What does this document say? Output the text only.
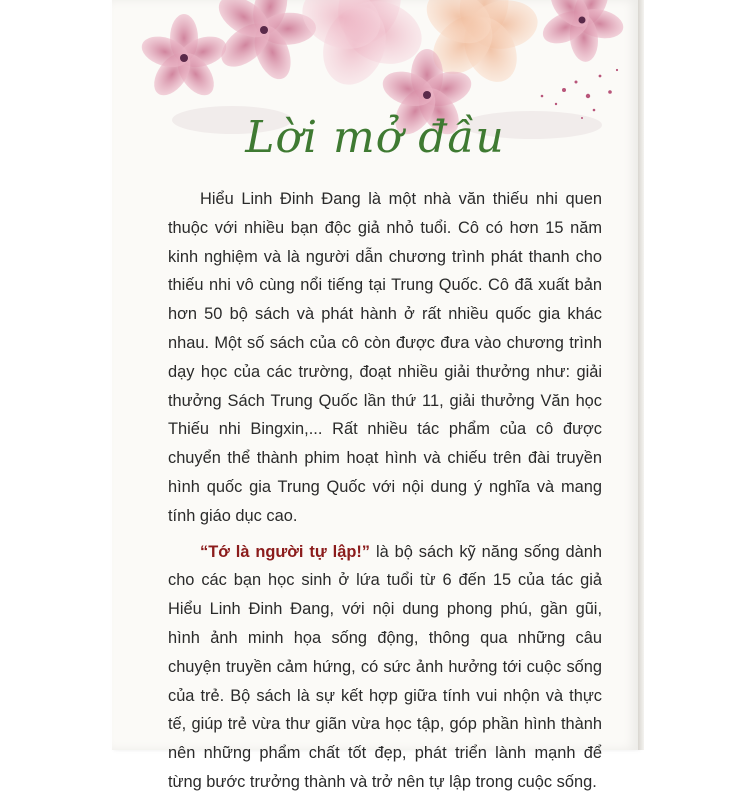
Lời mở đầu

Hiểu Linh Đinh Đang là một nhà văn thiếu nhi quen thuộc với nhiều bạn độc giả nhỏ tuổi. Cô có hơn 15 năm kinh nghiệm và là người dẫn chương trình phát thanh cho thiếu nhi vô cùng nổi tiếng tại Trung Quốc. Cô đã xuất bản hơn 50 bộ sách và phát hành ở rất nhiều quốc gia khác nhau. Một số sách của cô còn được đưa vào chương trình dạy học của các trường, đoạt nhiều giải thưởng như: giải thưởng Sách Trung Quốc lần thứ 11, giải thưởng Văn học Thiếu nhi Bingxin,... Rất nhiều tác phẩm của cô được chuyển thể thành phim hoạt hình và chiếu trên đài truyền hình quốc gia Trung Quốc với nội dung ý nghĩa và mang tính giáo dục cao.

“Tớ là người tự lập!” là bộ sách kỹ năng sống dành cho các bạn học sinh ở lứa tuổi từ 6 đến 15 của tác giả Hiểu Linh Đinh Đang, với nội dung phong phú, gần gũi, hình ảnh minh họa sống động, thông qua những câu chuyện truyền cảm hứng, có sức ảnh hưởng tới cuộc sống của trẻ. Bộ sách là sự kết hợp giữa tính vui nhộn và thực tế, giúp trẻ vừa thư giãn vừa học tập, góp phần hình thành nên những phẩm chất tốt đẹp, phát triển lành mạnh để từng bước trưởng thành và trở nên tự lập trong cuộc sống.
